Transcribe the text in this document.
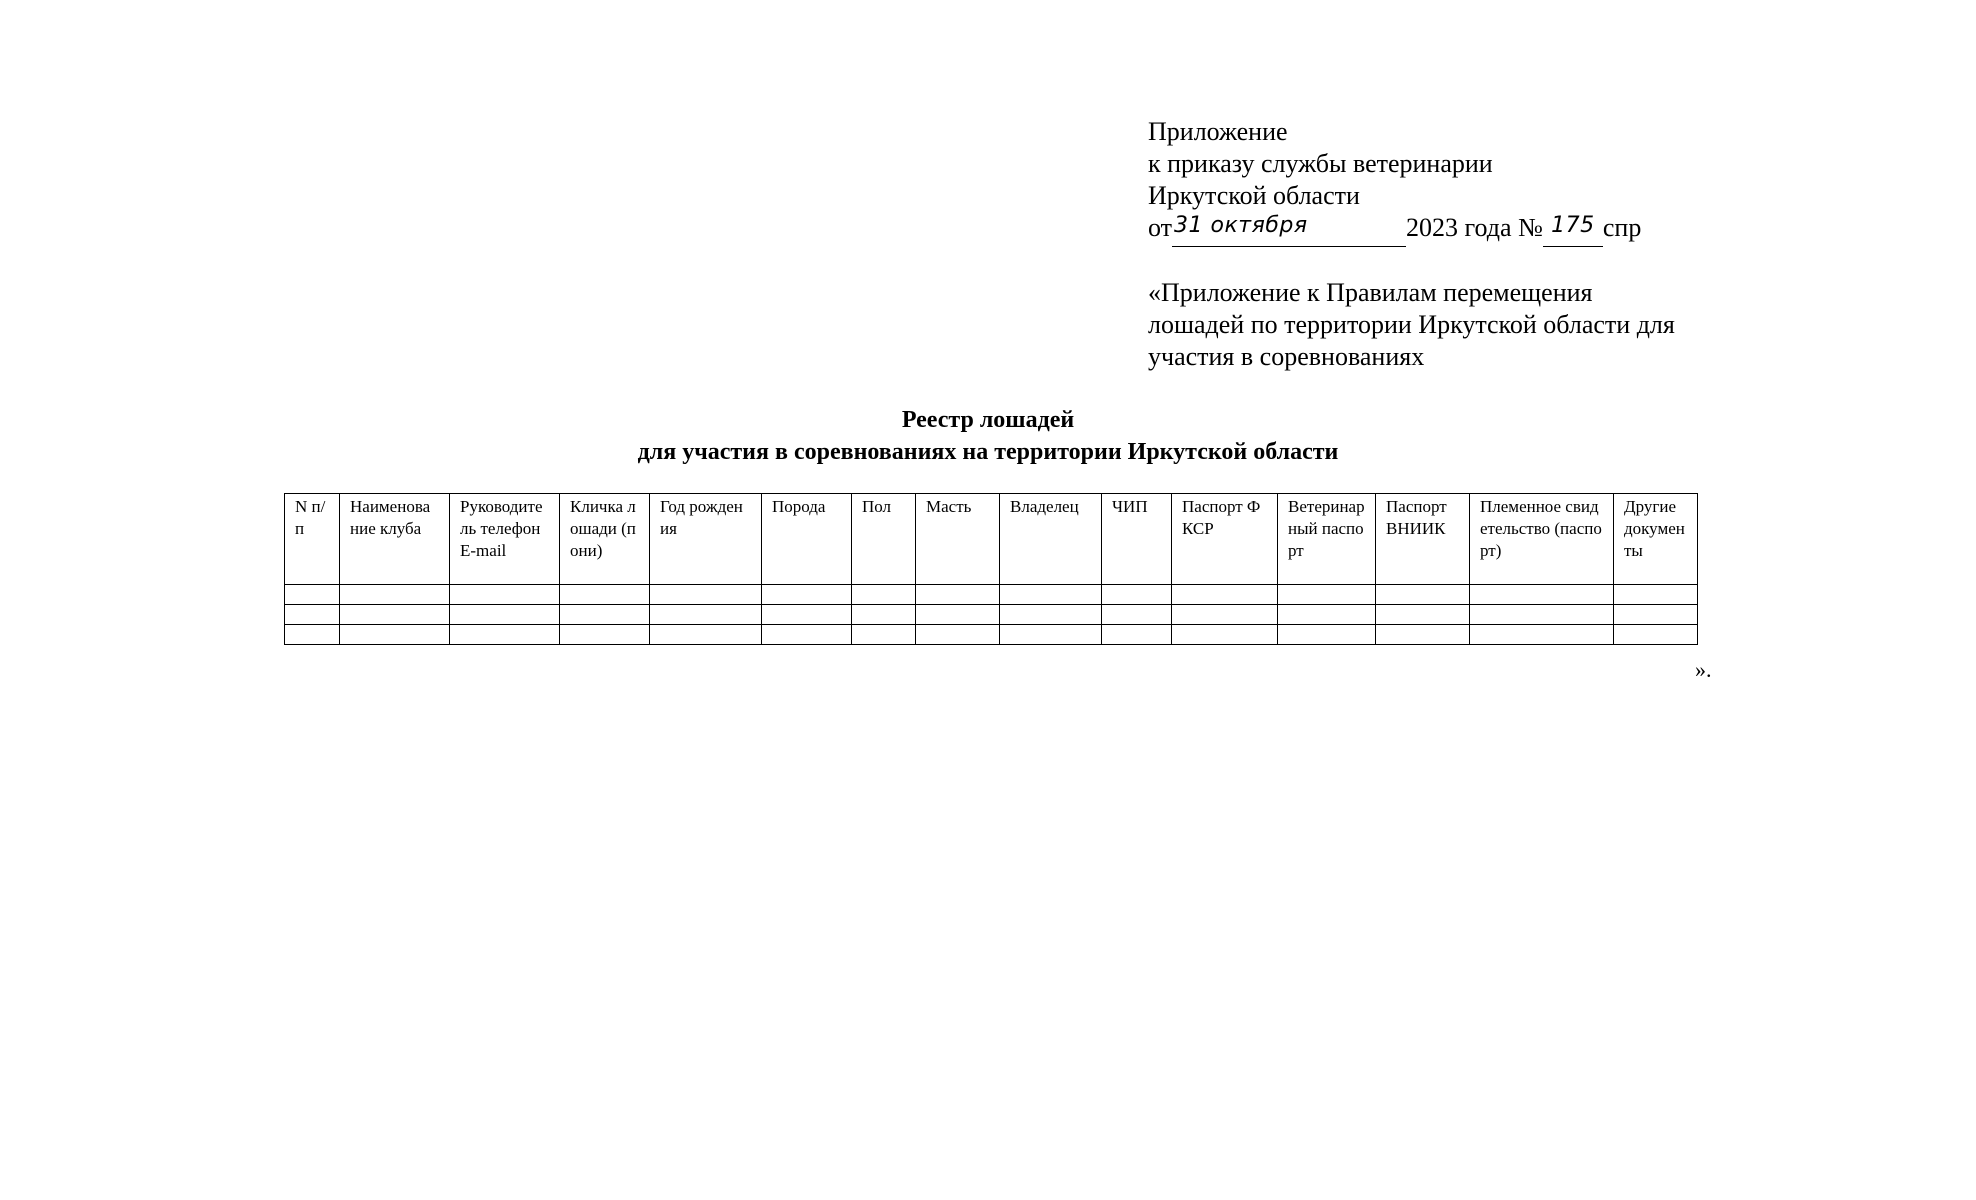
Приложение
к приказу службы ветеринарии
Иркутской области
от31 октября	2023 года № 175 спр
«Приложение к Правилам перемещения
лошадей по территории Иркутской области для
участия в соревнованиях
Реестр лошадей
для участия в соревнованиях на территории Иркутской области
N п/п	Наименование клуба	Руководитель телефон E-mail	Кличка лошади (пони)	Год рождения	Порода	Пол	Масть	Владелец	ЧИП	Паспорт ФКСР	Ветеринарный паспорт	Паспорт ВНИИК	Племенное свидетельство (паспорт)	Другие документы

».
